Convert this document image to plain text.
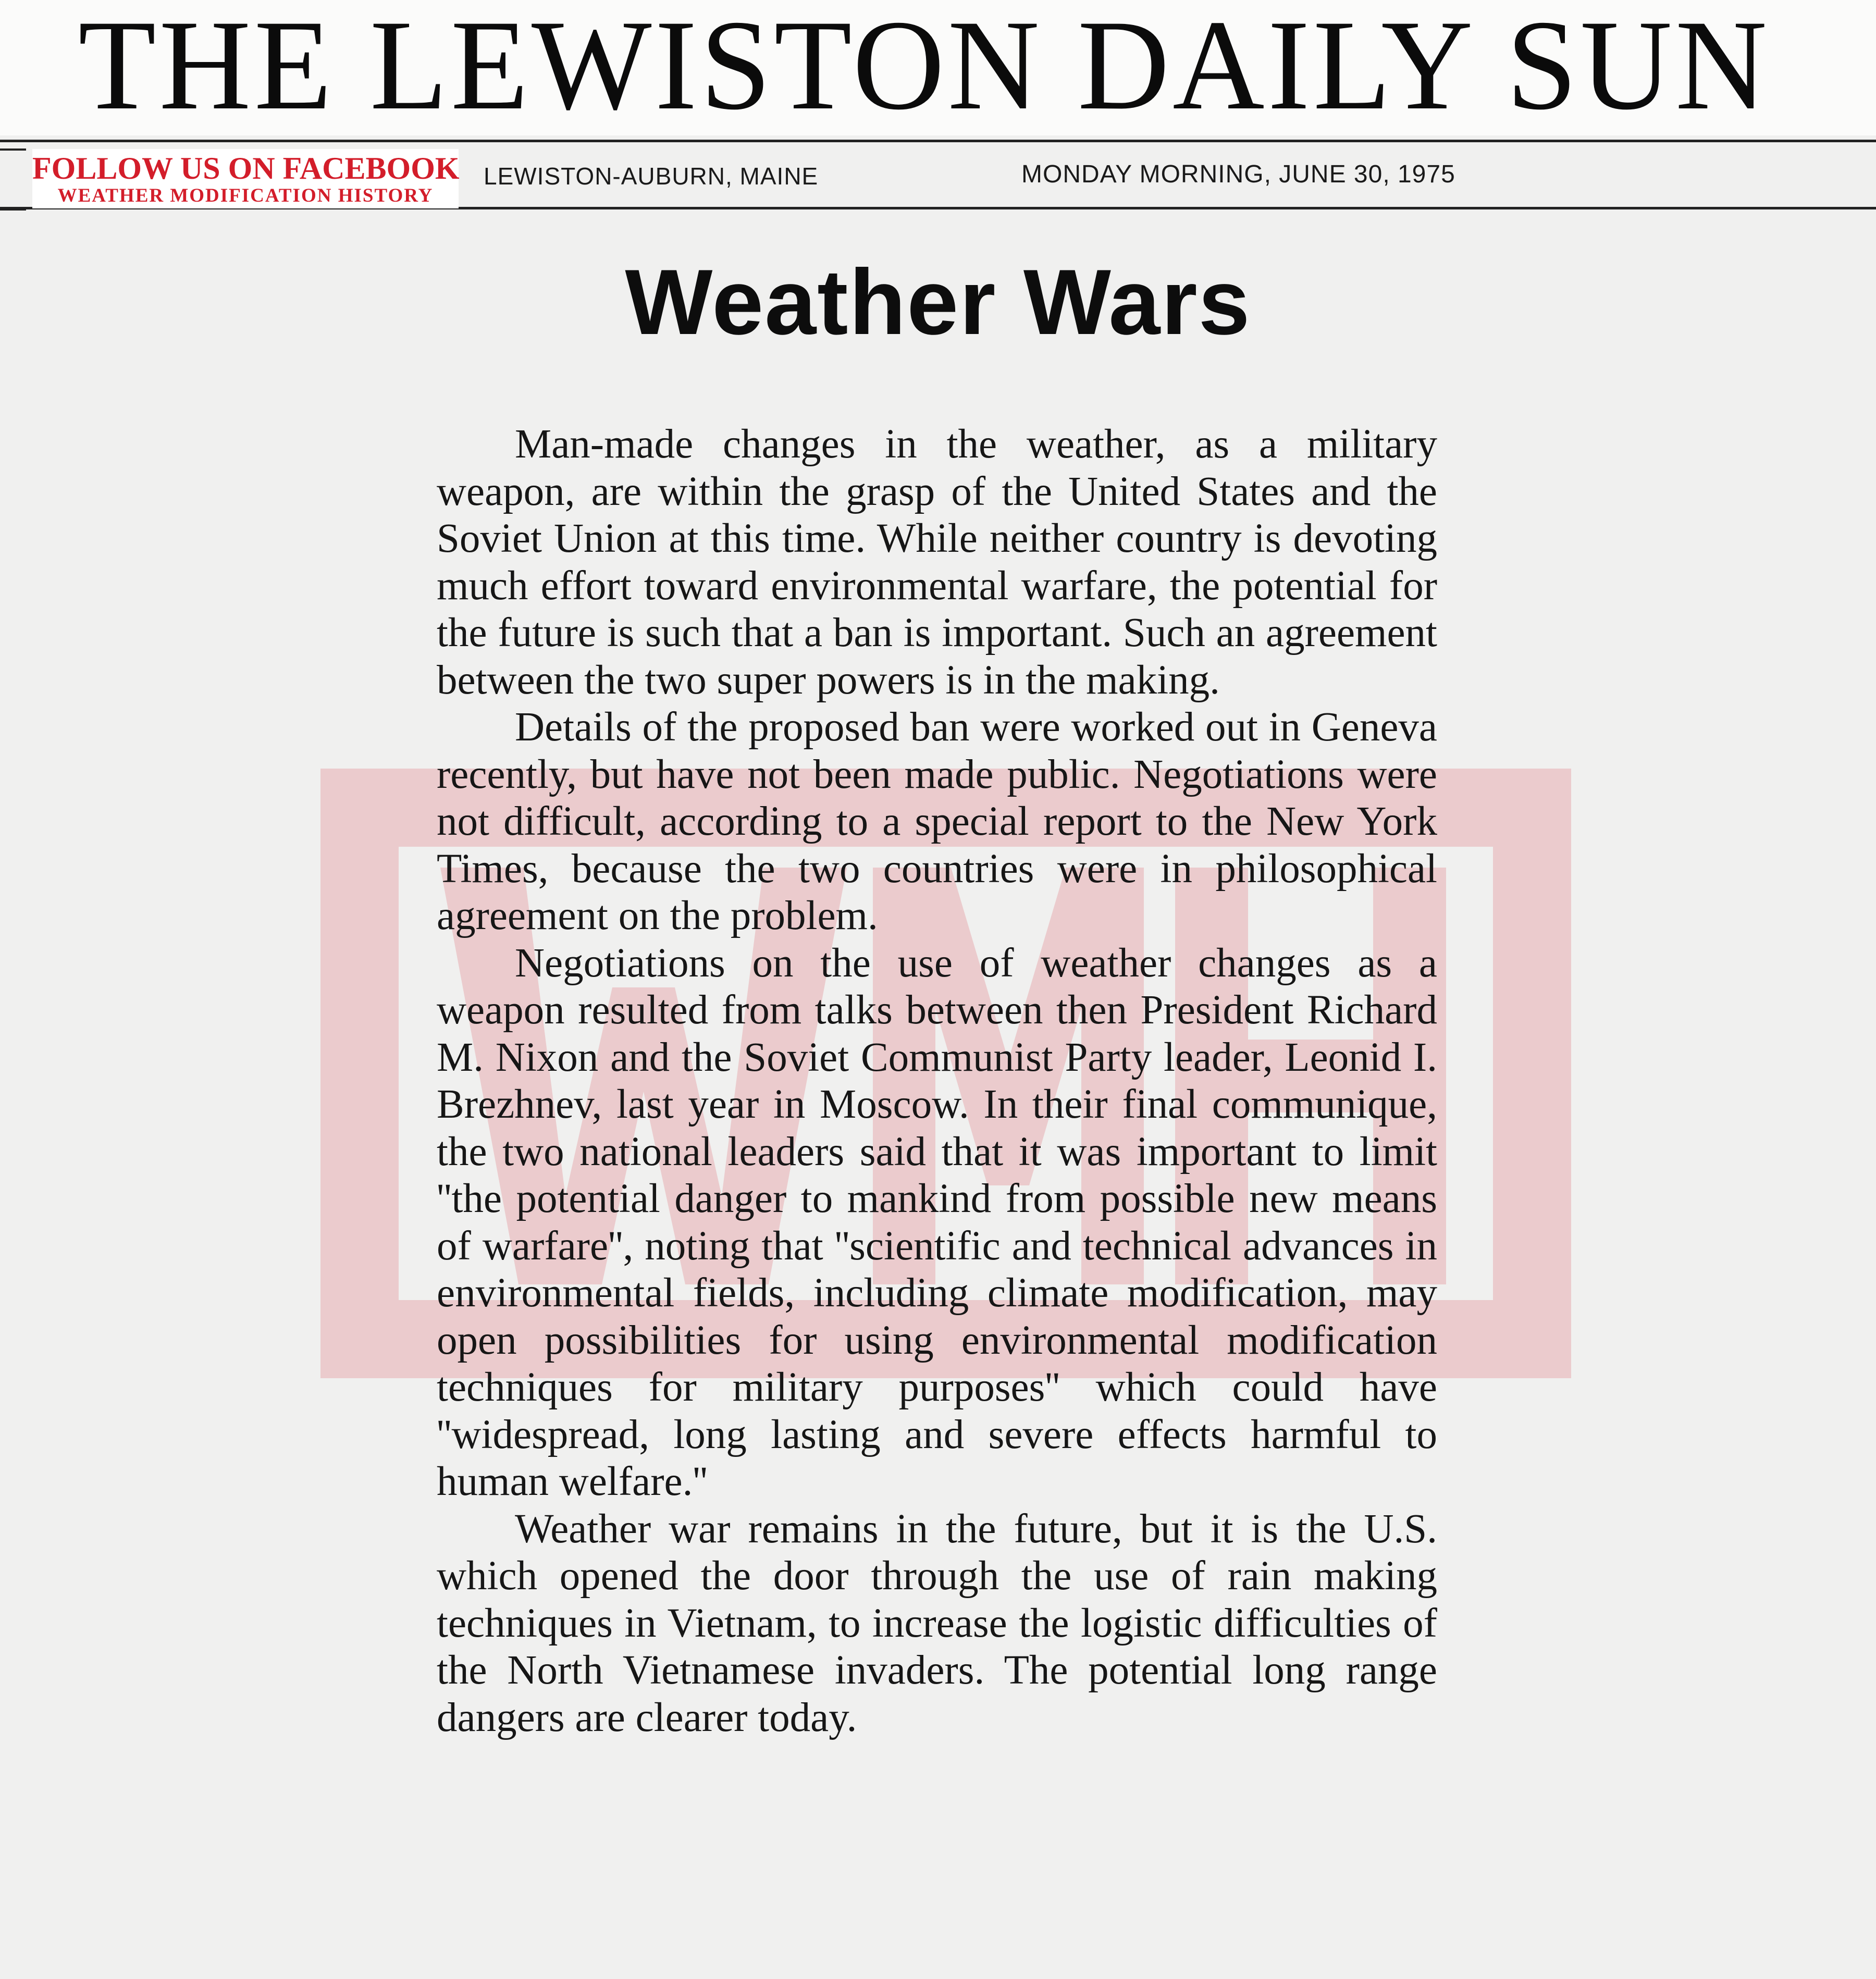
THE LEWISTON DAILY SUN
FOLLOW US ON FACEBOOK
WEATHER MODIFICATION HISTORY
LEWISTON-AUBURN, MAINE	MONDAY MORNING, JUNE 30, 1975
Weather Wars

Man-made changes in the weather, as a military weapon, are within the grasp of the United States and the Soviet Union at this time. While neither country is devoting much effort toward environmental warfare, the potential for the future is such that a ban is important. Such an agreement between the two super powers is in the making.

Details of the proposed ban were worked out in Geneva recently, but have not been made public. Negotiations were not difficult, according to a special report to the New York Times, because the two countries were in philosophical agreement on the problem.

Negotiations on the use of weather changes as a weapon resulted from talks between then President Richard M. Nixon and the Soviet Communist Party leader, Leonid I. Brezhnev, last year in Moscow. In their final communique, the two national leaders said that it was important to limit ''the potential danger to mankind from possible new means of warfare'', noting that ''scientific and technical advances in environmental fields, including climate modification, may open possibilities for using environmental modification techniques for military purposes'' which could have ''widespread, long lasting and severe effects harmful to human welfare.''

Weather war remains in the future, but it is the U.S. which opened the door through the use of rain making techniques in Vietnam, to increase the logistic difficulties of the North Vietnamese invaders. The potential long range dangers are clearer today.
